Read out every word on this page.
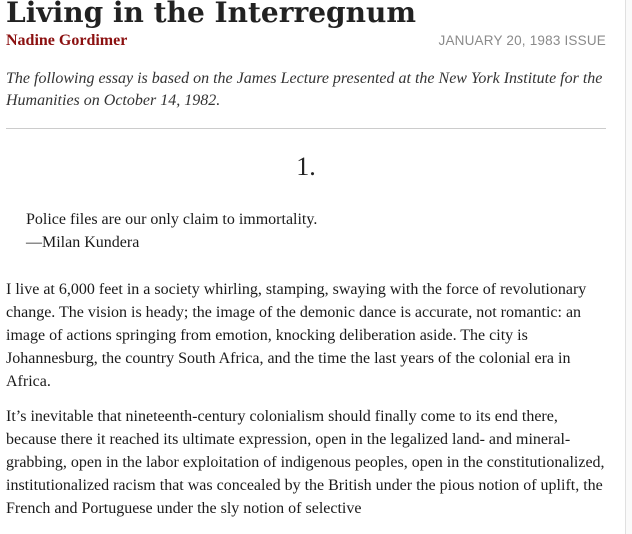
Living in the Interregnum
Nadine Gordimer	JANUARY 20, 1983 ISSUE

The following essay is based on the James Lecture presented at the New York Institute for the Humanities on October 14, 1982.

1.
Police files are our only claim to immortality.
—Milan Kundera

I live at 6,000 feet in a society whirling, stamping, swaying with the force of revolutionary change. The vision is heady; the image of the demonic dance is accurate, not romantic: an image of actions springing from emotion, knocking deliberation aside. The city is Johannesburg, the country South Africa, and the time the last years of the colonial era in Africa.

It’s inevitable that nineteenth-century colonialism should finally come to its end there, because there it reached its ultimate expression, open in the legalized land- and mineral-grabbing, open in the labor exploitation of indigenous peoples, open in the constitutionalized, institutionalized racism that was concealed by the British under the pious notion of uplift, the French and Portuguese under the sly notion of selective
